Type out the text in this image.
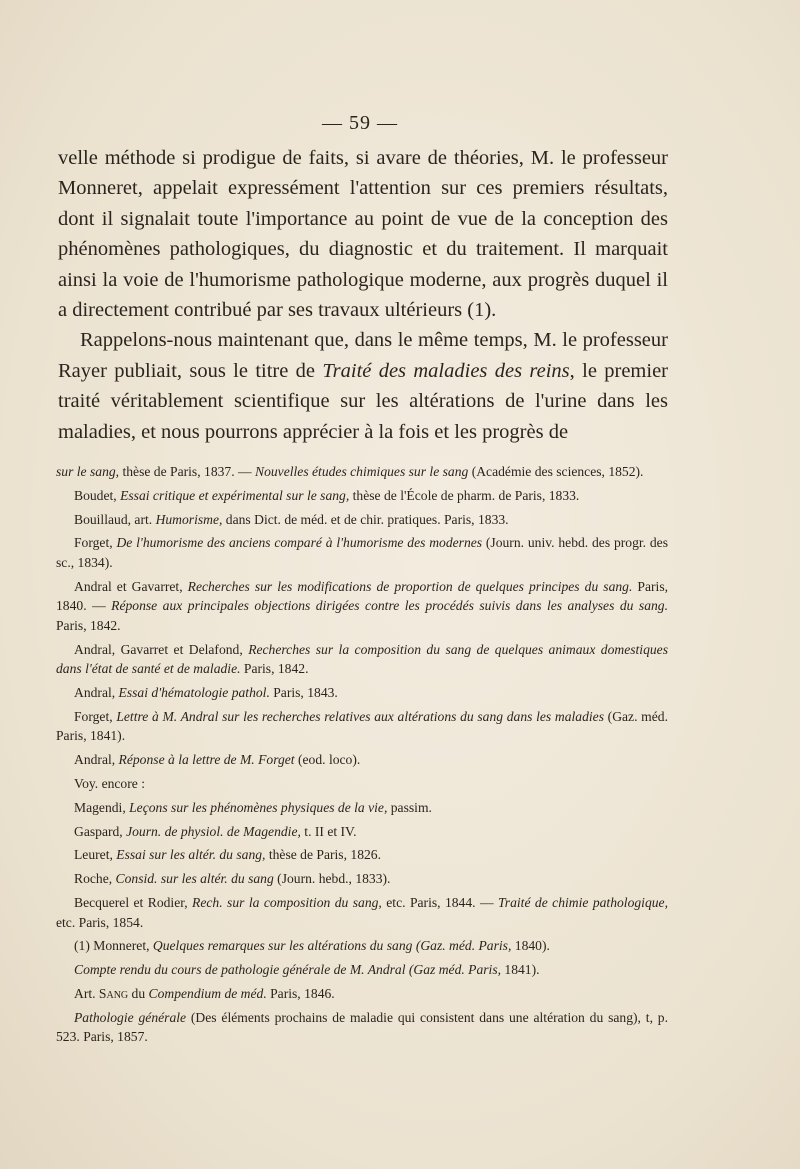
— 59 —

velle méthode si prodigue de faits, si avare de théories, M. le professeur Monneret, appelait expressément l'attention sur ces premiers résultats, dont il signalait toute l'importance au point de vue de la conception des phénomènes pathologiques, du diagnostic et du traitement. Il marquait ainsi la voie de l'humorisme pathologique moderne, aux progrès duquel il a directement contribué par ses travaux ultérieurs (1).

Rappelons-nous maintenant que, dans le même temps, M. le professeur Rayer publiait, sous le titre de Traité des maladies des reins, le premier traité véritablement scientifique sur les altérations de l'urine dans les maladies, et nous pourrons apprécier à la fois et les progrès de

sur le sang, thèse de Paris, 1837. — Nouvelles études chimiques sur le sang (Académie des sciences, 1852).

Boudet, Essai critique et expérimental sur le sang, thèse de l'École de pharm. de Paris, 1833.

Bouillaud, art. Humorisme, dans Dict. de méd. et de chir. pratiques. Paris, 1833.

Forget, De l'humorisme des anciens comparé à l'humorisme des modernes (Journ. univ. hebd. des progr. des sc., 1834).

Andral et Gavarret, Recherches sur les modifications de proportion de quelques principes du sang. Paris, 1840. — Réponse aux principales objections dirigées contre les procédés suivis dans les analyses du sang. Paris, 1842.

Andral, Gavarret et Delafond, Recherches sur la composition du sang de quelques animaux domestiques dans l'état de santé et de maladie. Paris, 1842.

Andral, Essai d'hématologie pathol. Paris, 1843.

Forget, Lettre à M. Andral sur les recherches relatives aux altérations du sang dans les maladies (Gaz. méd. Paris, 1841).

Andral, Réponse à la lettre de M. Forget (eod. loco).

Voy. encore :

Magendi, Leçons sur les phénomènes physiques de la vie, passim.

Gaspard, Journ. de physiol. de Magendie, t. II et IV.

Leuret, Essai sur les altér. du sang, thèse de Paris, 1826.

Roche, Consid. sur les altér. du sang (Journ. hebd., 1833).

Becquerel et Rodier, Rech. sur la composition du sang, etc. Paris, 1844. — Traité de chimie pathologique, etc. Paris, 1854.

(1) Monneret, Quelques remarques sur les altérations du sang (Gaz. méd. Paris, 1840).

Compte rendu du cours de pathologie générale de M. Andral (Gaz méd. Paris, 1841).

Art. Sang du Compendium de méd. Paris, 1846.

Pathologie générale (Des éléments prochains de maladie qui consistent dans une altération du sang), t, p. 523. Paris, 1857.
